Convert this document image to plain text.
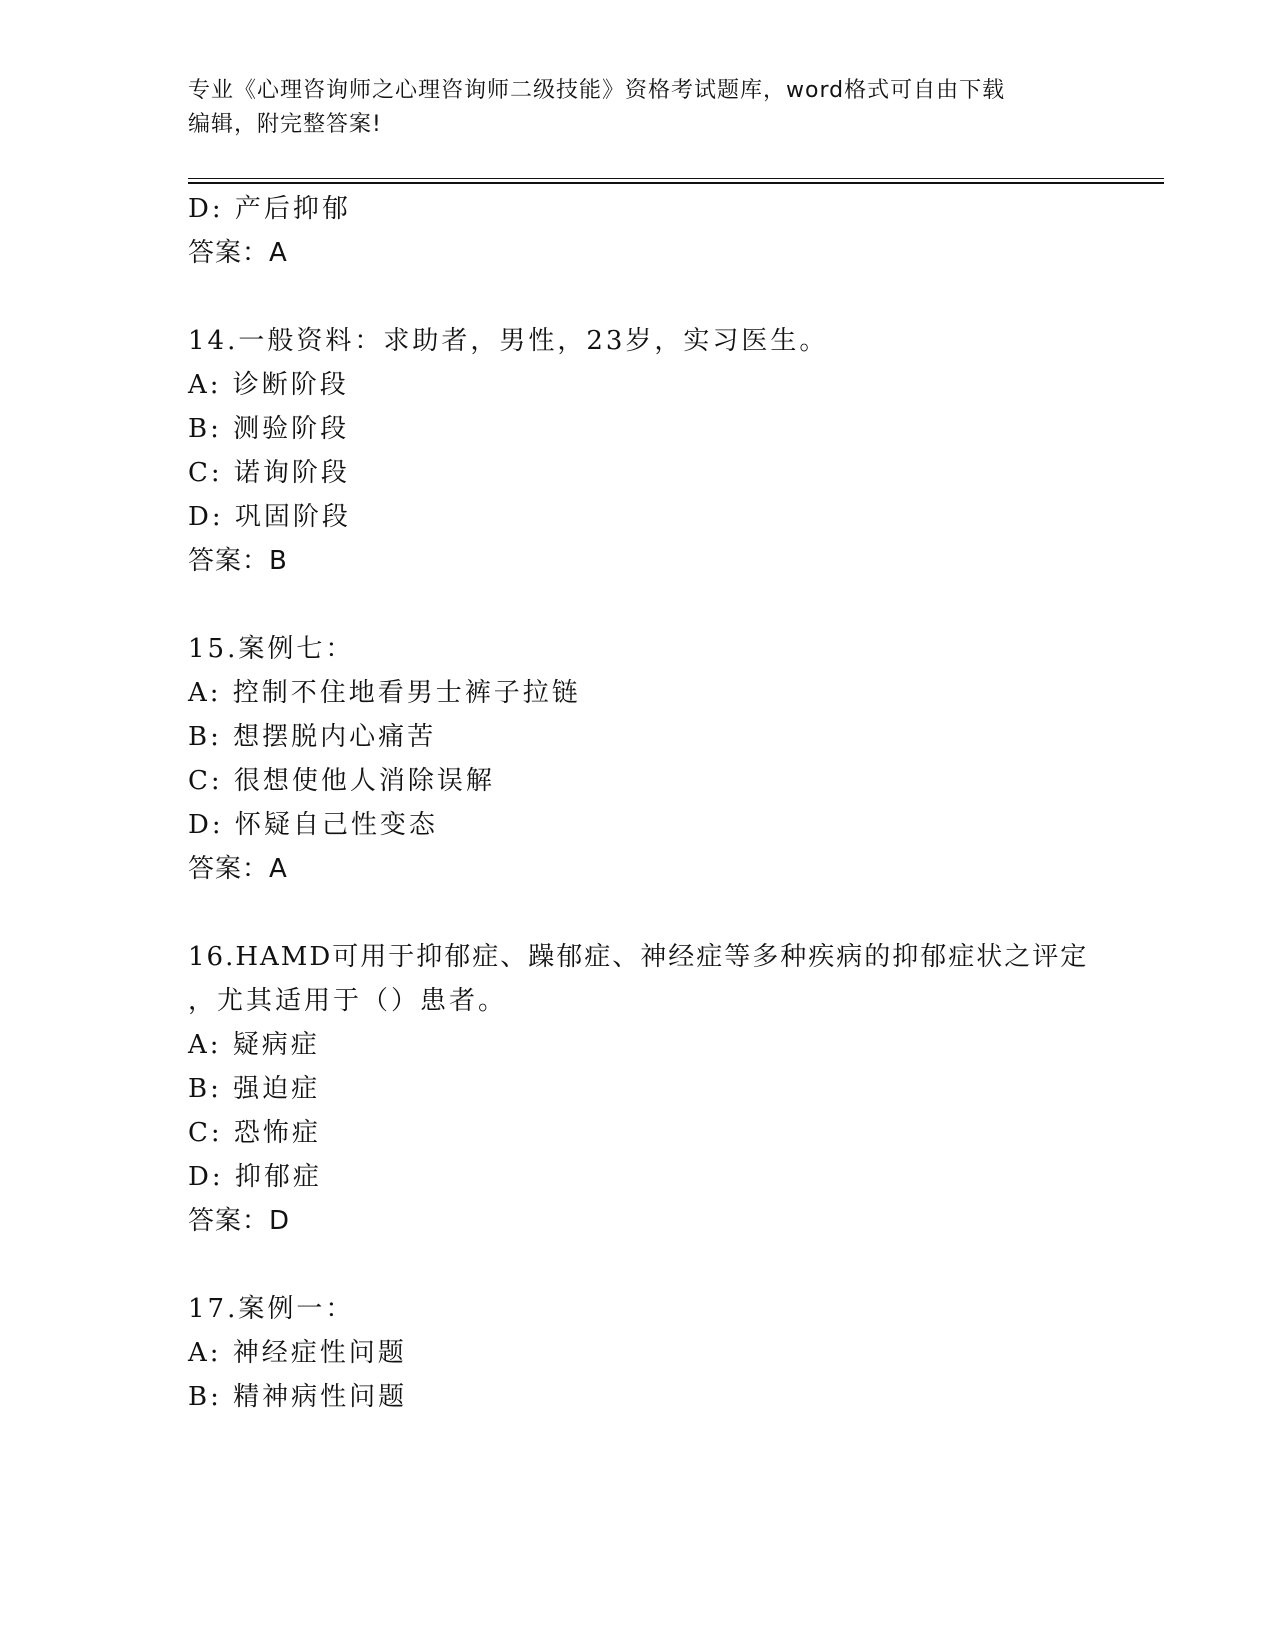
专业《心理咨询师之心理咨询师二级技能》资格考试题库，word格式可自由下载
编辑，附完整答案!
D: 产后抑郁
答案：A
14.一般资料：求助者，男性，23岁，实习医生。
A: 诊断阶段
B: 测验阶段
C: 诺询阶段
D: 巩固阶段
答案：B
15.案例七：
A: 控制不住地看男士裤子拉链
B: 想摆脱内心痛苦
C: 很想使他人消除误解
D: 怀疑自己性变态
答案：A
16.HAMD可用于抑郁症、躁郁症、神经症等多种疾病的抑郁症状之评定
，尤其适用于（）患者。
A: 疑病症
B: 强迫症
C: 恐怖症
D: 抑郁症
答案：D
17.案例一：
A: 神经症性问题
B: 精神病性问题
